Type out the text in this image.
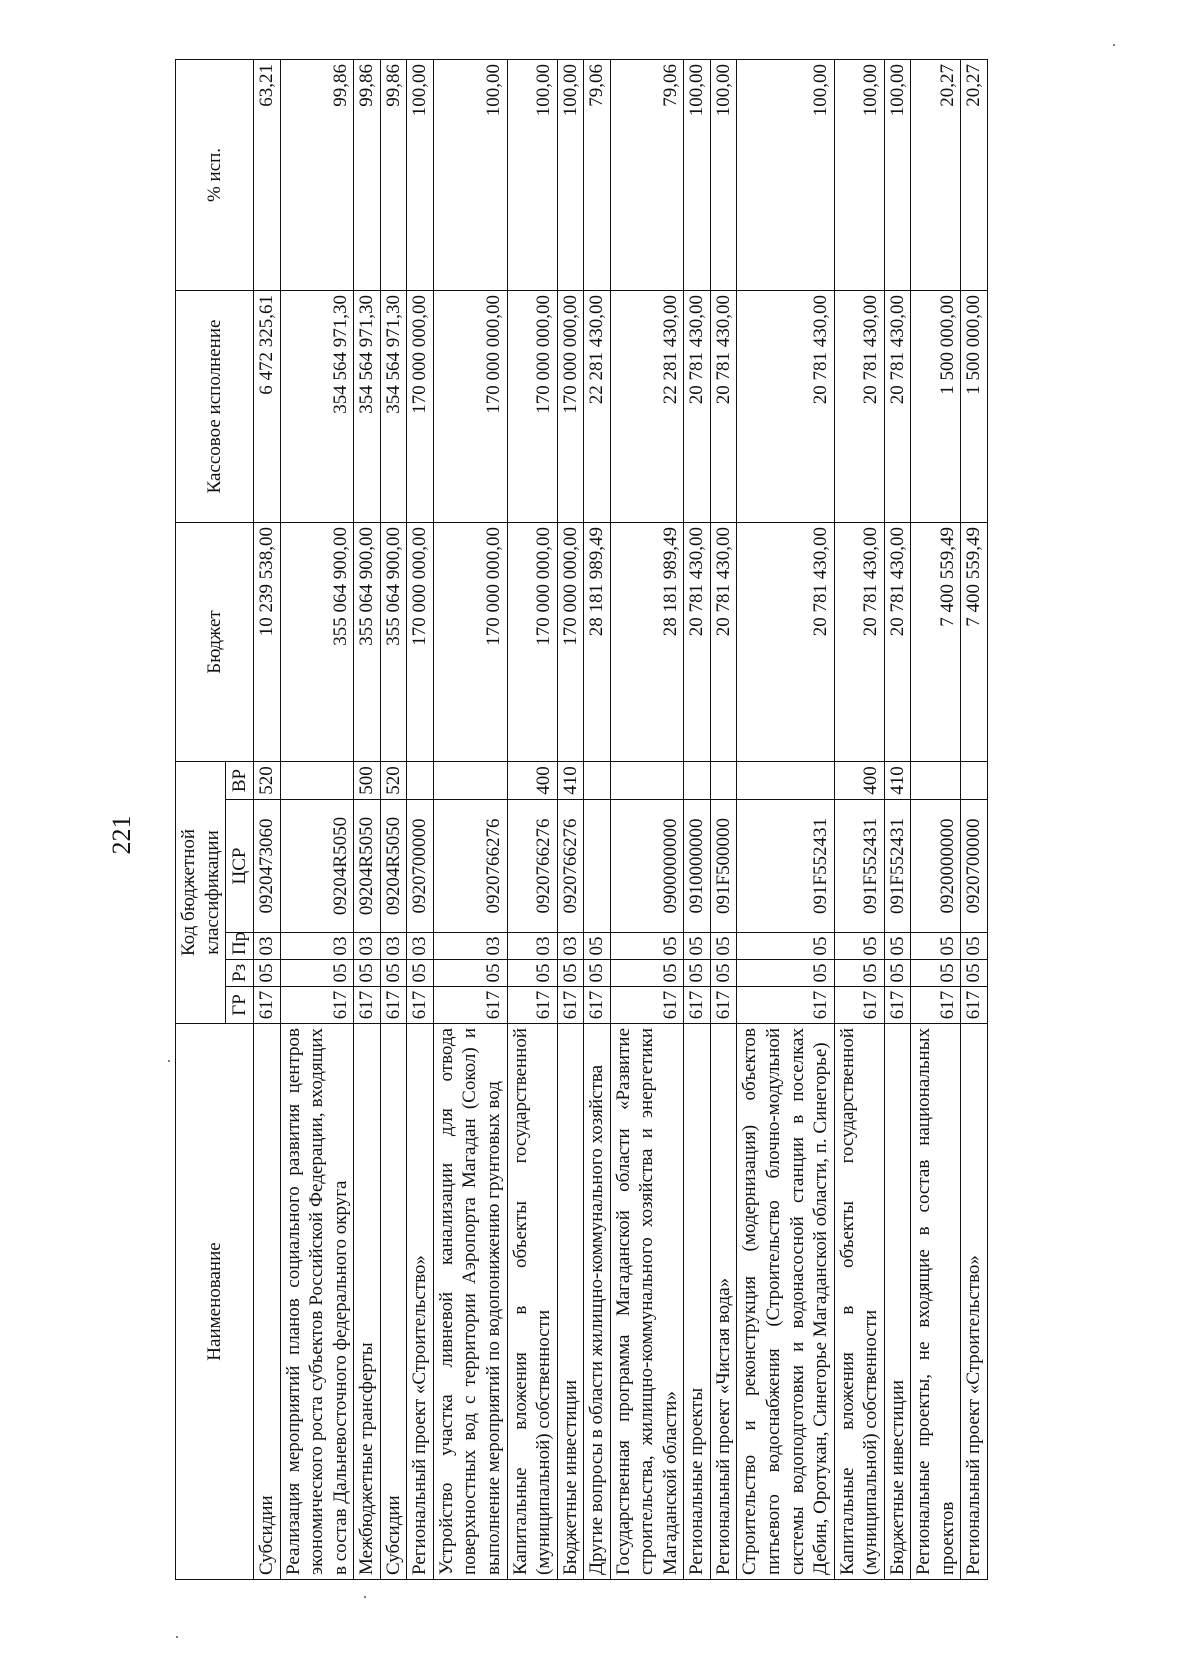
221
Наименование	Код бюджетной классификации					Бюджет	Кассовое исполнение	% исп.
	ГР	Рз	Пр	ЦСР	ВР			
Субсидии	617	05	03	0920473060	520	10 239 538,00	6 472 325,61	63,21
Реализация мероприятий планов социального развития центров экономического роста субъектов Российской Федерации, входящих в состав Дальневосточного федерального округа	617	05	03	09204R5050		355 064 900,00	354 564 971,30	99,86
Межбюджетные трансферты	617	05	03	09204R5050	500	355 064 900,00	354 564 971,30	99,86
Субсидии	617	05	03	09204R5050	520	355 064 900,00	354 564 971,30	99,86
Региональный проект «Строительство»	617	05	03	0920700000		170 000 000,00	170 000 000,00	100,00
Устройство участка ливневой канализации для отвода поверхностных вод с территории Аэропорта Магадан (Сокол) и выполнение мероприятий по водопонижению грунтовых вод	617	05	03	0920766276		170 000 000,00	170 000 000,00	100,00
Капитальные вложения в объекты государственной (муниципальной) собственности	617	05	03	0920766276	400	170 000 000,00	170 000 000,00	100,00
Бюджетные инвестиции	617	05	03	0920766276	410	170 000 000,00	170 000 000,00	100,00
Другие вопросы в области жилищно-коммунального хозяйства	617	05	05			28 181 989,49	22 281 430,00	79,06
Государственная программа Магаданской области «Развитие строительства, жилищно-коммунального хозяйства и энергетики Магаданской области»	617	05	05	0900000000		28 181 989,49	22 281 430,00	79,06
Региональные проекты	617	05	05	0910000000		20 781 430,00	20 781 430,00	100,00
Региональный проект «Чистая вода»	617	05	05	091F500000		20 781 430,00	20 781 430,00	100,00
Строительство и реконструкция (модернизация) объектов питьевого водоснабжения (Строительство блочно-модульной системы водоподготовки и водонасосной станции в поселках Дебин, Оротукан, Синегорье Магаданской области, п. Синегорье)	617	05	05	091F552431		20 781 430,00	20 781 430,00	100,00
Капитальные вложения в объекты государственной (муниципальной) собственности	617	05	05	091F552431	400	20 781 430,00	20 781 430,00	100,00
Бюджетные инвестиции	617	05	05	091F552431	410	20 781 430,00	20 781 430,00	100,00
Региональные проекты, не входящие в состав национальных проектов	617	05	05	0920000000		7 400 559,49	1 500 000,00	20,27
Региональный проект «Строительство»	617	05	05	0920700000		7 400 559,49	1 500 000,00	20,27
